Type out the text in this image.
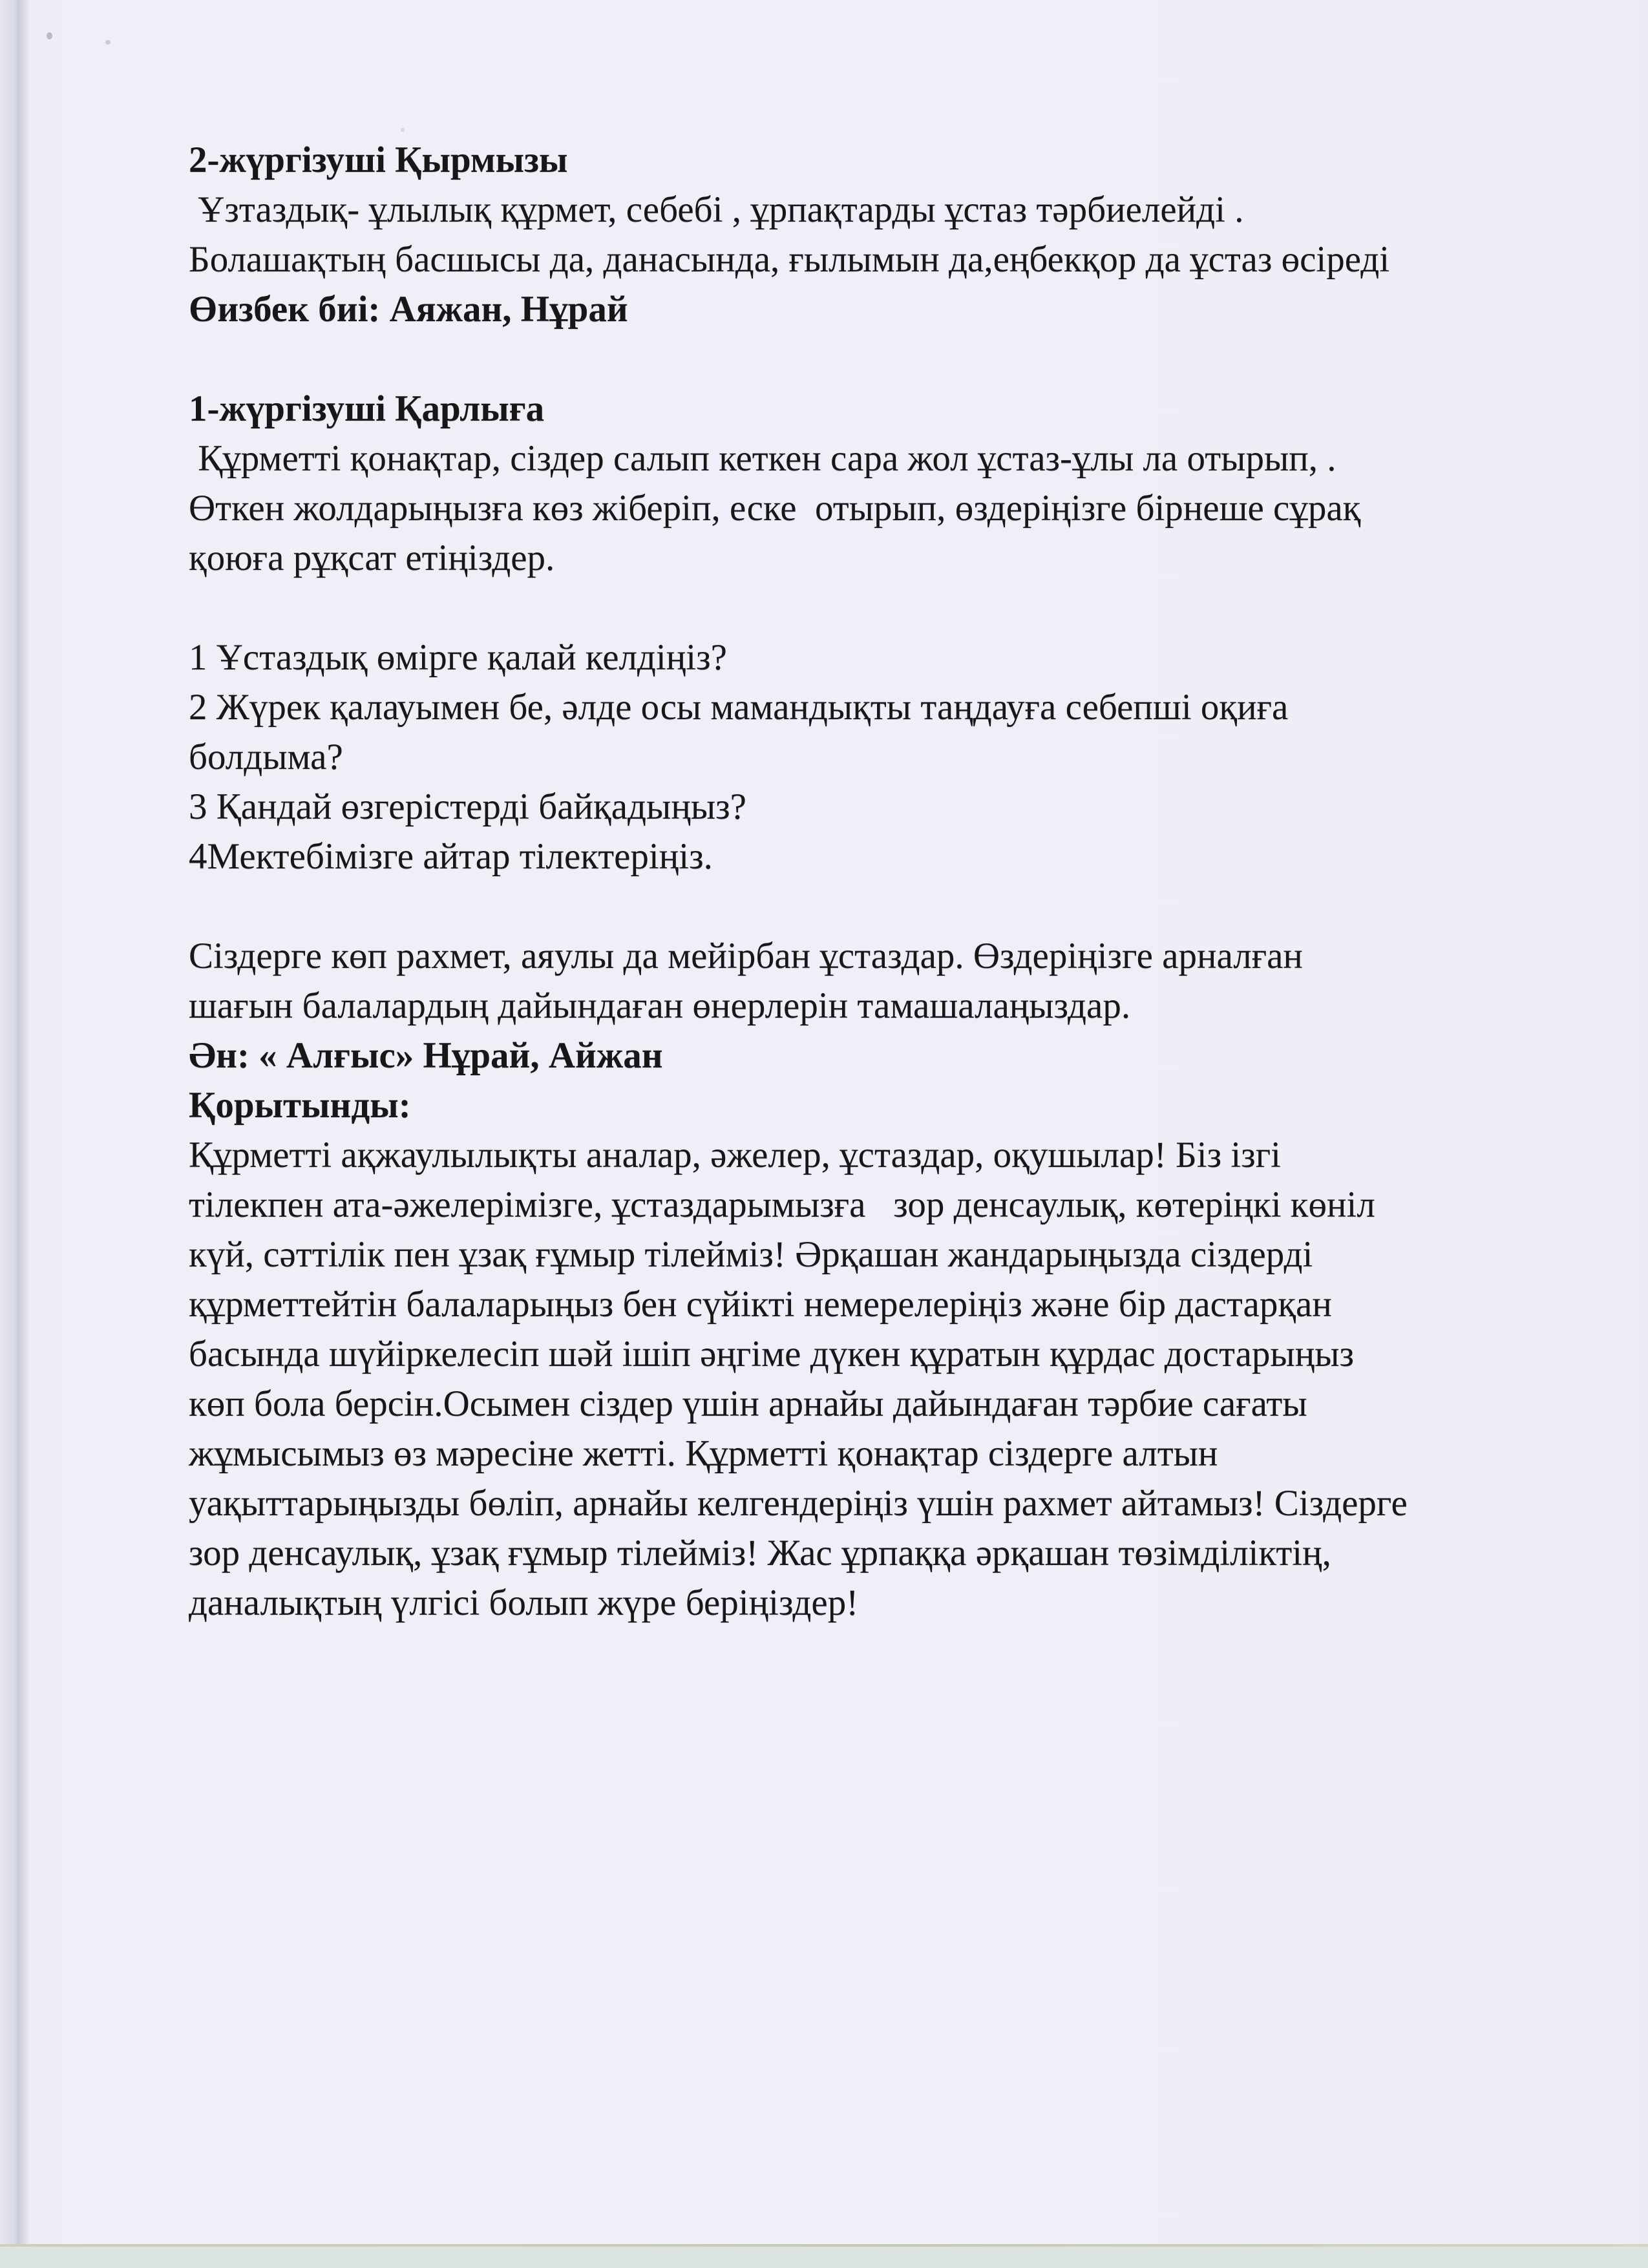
2-жүргізуші Қырмызы

Ұзтаздық- ұлылық құрмет, себебі , ұрпақтарды ұстаз тәрбиелейді .

Болашақтың басшысы да, данасында, ғылымын да,еңбекқор да ұстаз өсіреді

Өизбек биі: Аяжан, Нұрай

1-жүргізуші Қарлыға

Құрметті қонақтар, сіздер салып кеткен сара жол ұстаз-ұлы ла отырып, .

Өткен жолдарыңызға көз жіберіп, еске  отырып, өздеріңізге бірнеше сұрақ

қоюға рұқсат етіңіздер.

1 Ұстаздық өмірге қалай келдіңіз?

2 Жүрек қалауымен бе, әлде осы мамандықты таңдауға себепші оқиға

болдыма?

3 Қандай өзгерістерді байқадыңыз?

4Мектебімізге айтар тілектеріңіз.

Сіздерге көп рахмет, аяулы да мейірбан ұстаздар. Өздеріңізге арналған

шағын балалардың дайындаған өнерлерін тамашалаңыздар.

Ән: « Алғыс» Нұрай, Айжан

Қорытынды:

Құрметті ақжаулылықты аналар, әжелер, ұстаздар, оқушылар! Біз ізгі

тілекпен ата-әжелерімізге, ұстаздарымызға   зор денсаулық, көтеріңкі көніл

күй, сәттілік пен ұзақ ғұмыр тілейміз! Әрқашан жандарыңызда сіздерді

құрметтейтін балаларыңыз бен сүйікті немерелеріңіз және бір дастарқан

басында шүйіркелесіп шәй ішіп әңгіме дүкен құратын құрдас достарыңыз

көп бола берсін.Осымен сіздер үшін арнайы дайындаған тәрбие сағаты

жұмысымыз өз мәресіне жетті. Құрметті қонақтар сіздерге алтын

уақыттарыңызды бөліп, арнайы келгендеріңіз үшін рахмет айтамыз! Сіздерге

зор денсаулық, ұзақ ғұмыр тілейміз! Жас ұрпаққа әрқашан төзімділіктің,

даналықтың үлгісі болып жүре беріңіздер!
